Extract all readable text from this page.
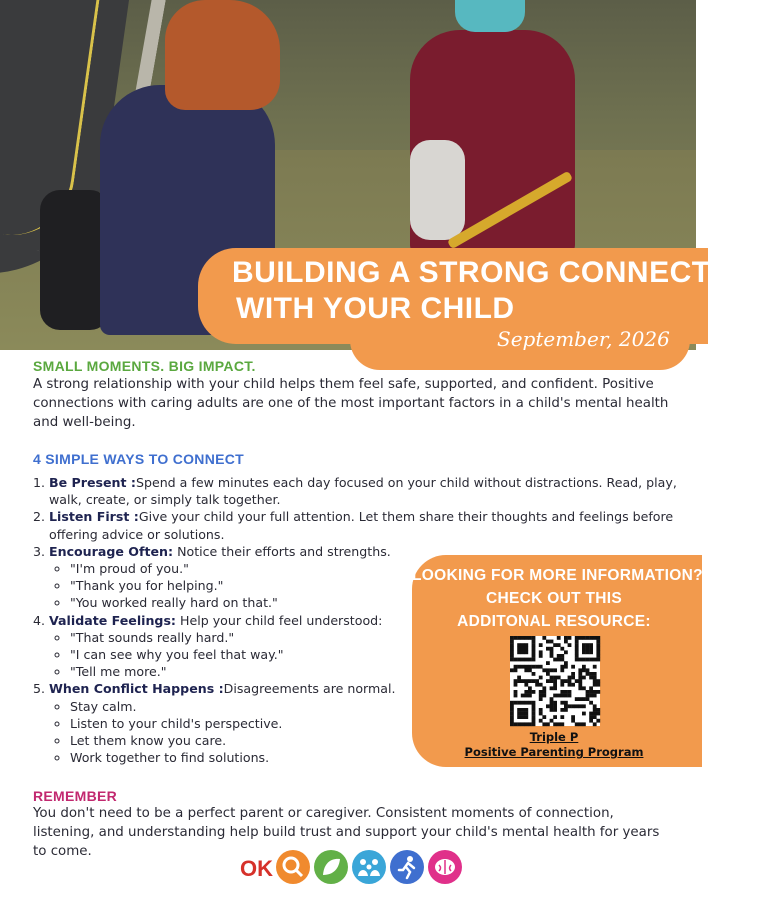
BUILDING A STRONG CONNECTION
WITH YOUR CHILD
September, 2026
SMALL MOMENTS. BIG IMPACT.
A strong relationship with your child helps them feel safe, supported, and confident. Positive connections with caring adults are one of the most important factors in a child's mental health and well-being.
4 SIMPLE WAYS TO CONNECT
1. Be Present :Spend a few minutes each day focused on your child without distractions. Read, play, walk, create, or simply talk together.
2. Listen First :Give your child your full attention. Let them share their thoughts and feelings before offering advice or solutions.
3. Encourage Often: Notice their efforts and strengths.
◦ "I'm proud of you."
◦ "Thank you for helping."
◦ "You worked really hard on that."
4. Validate Feelings: Help your child feel understood:
◦ "That sounds really hard."
◦ "I can see why you feel that way."
◦ "Tell me more."
5. When Conflict Happens :Disagreements are normal.
◦ Stay calm.
◦ Listen to your child's perspective.
◦ Let them know you care.
◦ Work together to find solutions.
LOOKING FOR MORE INFORMATION?
CHECK OUT THIS
ADDITONAL RESOURCE:
Triple P
Positive Parenting Program
REMEMBER
You don't need to be a perfect parent or caregiver. Consistent moments of connection, listening, and understanding help build trust and support your child's mental health for years to come.
OK
